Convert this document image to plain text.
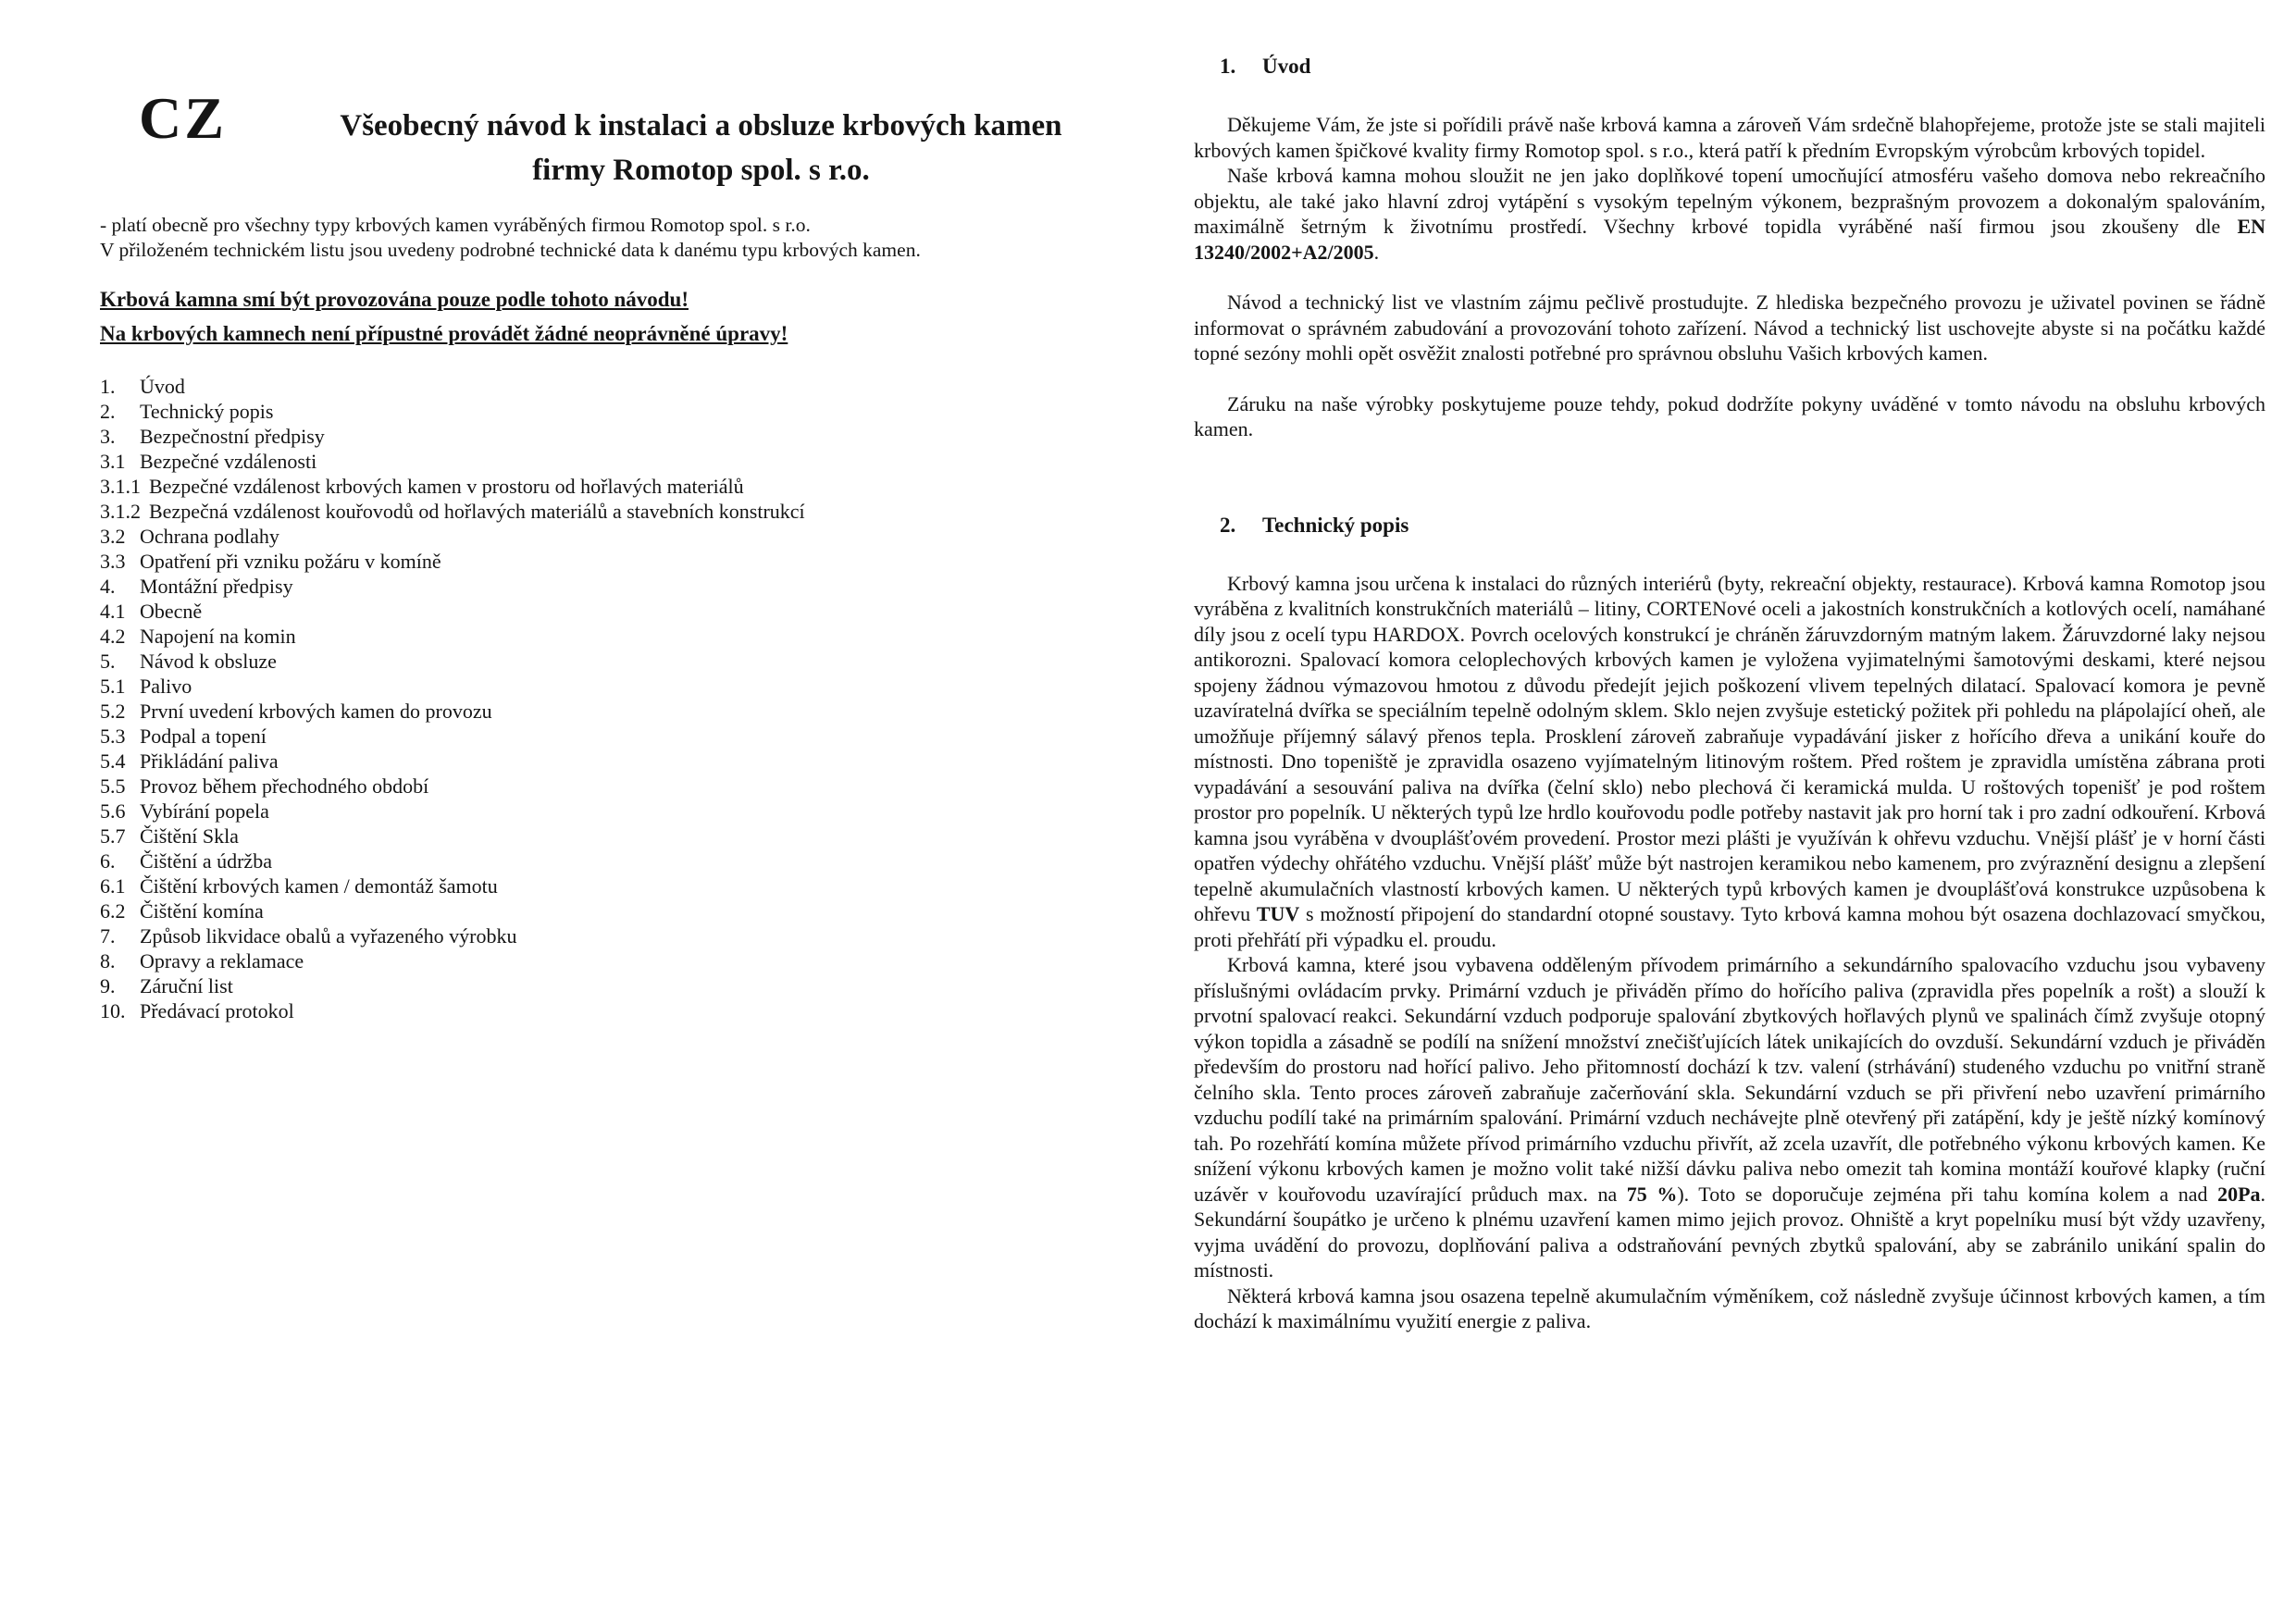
CZ	Všeobecný návod k instalaci a obsluze krbových kamen
firmy Romotop spol. s r.o.
- platí obecně pro všechny typy krbových kamen vyráběných firmou Romotop spol. s r.o.
V přiloženém technickém listu jsou uvedeny podrobné technické data k danému typu krbových kamen.
Krbová kamna smí být provozována pouze podle tohoto návodu!
Na krbových kamnech není přípustné provádět žádné neoprávněné úpravy!
1.	Úvod
2.	Technický popis
3.	Bezpečnostní předpisy
3.1 Bezpečné vzdálenosti
3.1.1 Bezpečné vzdálenost krbových kamen v prostoru od hořlavých materiálů
3.1.2 Bezpečná vzdálenost kouřovodů od hořlavých materiálů a stavebních konstrukcí
3.2 Ochrana podlahy
3.3 Opatření při vzniku požáru v komíně
4.	Montážní předpisy
4.1 Obecně
4.2 Napojení na komin
5.	Návod k obsluze
5.1 Palivo
5.2 První uvedení krbových kamen do provozu
5.3 Podpal a topení
5.4 Přikládání paliva
5.5 Provoz během přechodného období
5.6 Vybírání popela
5.7 Čištění Skla
6.	Čištění a údržba
6.1 Čištění krbových kamen / demontáž šamotu
6.2 Čištění komína
7.	Způsob likvidace obalů a vyřazeného výrobku
8.	Opravy a reklamace
9.	Záruční list
10. Předávací protokol
1.	Úvod

Děkujeme Vám, že jste si pořídili právě naše krbová kamna a zároveň Vám srdečně blahopřejeme, protože jste se stali majiteli krbových kamen špičkové kvality firmy Romotop spol. s r.o., která patří k předním Evropským výrobcům krbových topidel.

Naše krbová kamna mohou sloužit ne jen jako doplňkové topení umocňující atmosféru vašeho domova nebo rekreačního objektu, ale také jako hlavní zdroj vytápění s vysokým tepelným výkonem, bezprašným provozem a dokonalým spalováním, maximálně šetrným k životnímu prostředí. Všechny krbové topidla vyráběné naší firmou jsou zkoušeny dle EN 13240/2002+A2/2005.

Návod a technický list ve vlastním zájmu pečlivě prostudujte. Z hlediska bezpečného provozu je uživatel povinen se řádně informovat o správném zabudování a provozování tohoto zařízení. Návod a technický list uschovejte abyste si na počátku každé topné sezóny mohli opět osvěžit znalosti potřebné pro správnou obsluhu Vašich krbových kamen.

Záruku na naše výrobky poskytujeme pouze tehdy, pokud dodržíte pokyny uváděné v tomto návodu na obsluhu krbových kamen.

2.	Technický popis

Krbový kamna jsou určena k instalaci do různých interiérů (byty, rekreační objekty, restaurace). Krbová kamna Romotop jsou vyráběna z kvalitních konstrukčních materiálů – litiny, CORTENové oceli a jakostních konstrukčních a kotlových ocelí, namáhané díly jsou z ocelí typu HARDOX. Povrch ocelových konstrukcí je chráněn žáruvzdorným matným lakem. Žáruvzdorné laky nejsou antikorozni. Spalovací komora celoplechových krbových kamen je vyložena vyjimatelnými šamotovými deskami, které nejsou spojeny žádnou výmazovou hmotou z důvodu předejít jejich poškození vlivem tepelných dilatací. Spalovací komora je pevně uzavíratelná dvířka se speciálním tepelně odolným sklem. Sklo nejen zvyšuje estetický požitek při pohledu na plápolající oheň, ale umožňuje příjemný sálavý přenos tepla. Prosklení zároveň zabraňuje vypadávání jisker z hořícího dřeva a unikání kouře do místnosti. Dno topeniště je zpravidla osazeno vyjímatelným litinovým roštem. Před roštem je zpravidla umístěna zábrana proti vypadávání a sesouvání paliva na dvířka (čelní sklo) nebo plechová či keramická mulda. U roštových topenišť je pod roštem prostor pro popelník. U některých typů lze hrdlo kouřovodu podle potřeby nastavit jak pro horní tak i pro zadní odkouření. Krbová kamna jsou vyráběna v dvouplášťovém provedení. Prostor mezi plášti je využíván k ohřevu vzduchu. Vnější plášť je v horní části opatřen výdechy ohřátého vzduchu. Vnější plášť může být nastrojen keramikou nebo kamenem, pro zvýraznění designu a zlepšení tepelně akumulačních vlastností krbových kamen. U některých typů krbových kamen je dvouplášťová konstrukce uzpůsobena k ohřevu TUV s možností připojení do standardní otopné soustavy. Tyto krbová kamna mohou být osazena dochlazovací smyčkou, proti přehřátí při výpadku el. proudu.

Krbová kamna, které jsou vybavena odděleným přívodem primárního a sekundárního spalovacího vzduchu jsou vybaveny příslušnými ovládacím prvky. Primární vzduch je přiváděn přímo do hořícího paliva (zpravidla přes popelník a rošt) a slouží k prvotní spalovací reakci. Sekundární vzduch podporuje spalování zbytkových hořlavých plynů ve spalinách čímž zvyšuje otopný výkon topidla a zásadně se podílí na snížení množství znečišťujících látek unikajících do ovzduší. Sekundární vzduch je přiváděn především do prostoru nad hořící palivo. Jeho přitomností dochází k tzv. valení (strhávání) studeného vzduchu po vnitřní straně čelního skla. Tento proces zároveň zabraňuje začerňování skla. Sekundární vzduch se při přivření nebo uzavření primárního vzduchu podílí také na primárním spalování. Primární vzduch nechávejte plně otevřený při zatápění, kdy je ještě nízký komínový tah. Po rozehřátí komína můžete přívod primárního vzduchu přivřít, až zcela uzavřít, dle potřebného výkonu krbových kamen. Ke snížení výkonu krbových kamen je možno volit také nižší dávku paliva nebo omezit tah komina montáží kouřové klapky (ruční uzávěr v kouřovodu uzavírající průduch max. na 75 %). Toto se doporučuje zejména při tahu komína kolem a nad 20Pa. Sekundární šoupátko je určeno k plnému uzavření kamen mimo jejich provoz. Ohniště a kryt popelníku musí být vždy uzavřeny, vyjma uvádění do provozu, doplňování paliva a odstraňování pevných zbytků spalování, aby se zabránilo unikání spalin do místnosti.

Některá krbová kamna jsou osazena tepelně akumulačním výměníkem, což následně zvyšuje účinnost krbových kamen, a tím dochází k maximálnímu využití energie z paliva.
